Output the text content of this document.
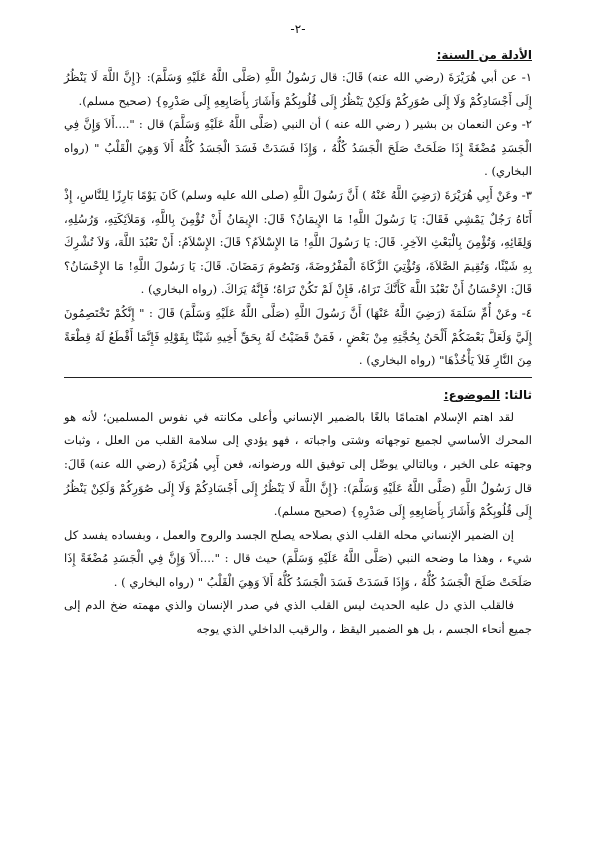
-٢-

الأدلة من السنة:

١- عن أبي هُرَيْرَةَ (رضي الله عنه) قَالَ: قال رَسُولُ اللَّهِ (صَلَّى اللَّهُ عَلَيْهِ وَسَلَّمَ): {إِنَّ اللَّهَ لَا يَنْظُرُ إِلَى أَجْسَادِكُمْ وَلَا إِلَى صُوَرِكُمْ وَلَكِنْ يَنْظُرُ إِلَى قُلُوبِكُمْ وَأَشَارَ بِأَصَابِعِهِ إِلَى صَدْرِهِ} (صحيح مسلم).

٢- وعن النعمان بن بشير ( رضي الله عنه ) أن النبي (صَلَّى اللَّهُ عَلَيْهِ وَسَلَّمَ) قال : "....أَلاَ وَإِنَّ فِي الْجَسَدِ مُضْغَةً إِذَا صَلَحَتْ صَلَحَ الْجَسَدُ كُلُّهُ ، وَإِذَا فَسَدَتْ فَسَدَ الْجَسَدُ كُلُّهُ أَلاَ وَهِيَ الْقَلْبُ " (رواه البخاري) .

٣- وعَنْ أَبِي هُرَيْرَةَ (رَضِيَ اللَّهُ عَنْهُ ) أَنَّ رَسُولَ اللَّهِ (صلى الله عليه وسلم) كَانَ يَوْمًا بَارِزًا لِلنَّاسِ، إِذْ أَتَاهُ رَجُلٌ يَمْشِي فَقَالَ: يَا رَسُولَ اللَّهِ! مَا الإِيمَانُ؟ قَالَ: الإِيمَانُ أَنْ تُؤْمِنَ بِاللَّهِ، وَمَلاَئِكَتِهِ، وَرُسُلِهِ، وَلِقَائِهِ، وَتُؤْمِنَ بِالْبَعْثِ الآخِرِ. قَالَ: يَا رَسُولَ اللَّهِ! مَا الإِسْلاَمُ؟ قَالَ: الإِسْلاَمُ: أَنْ تَعْبُدَ اللَّهَ، وَلاَ تُشْرِكَ بِهِ شَيْئًا، وَتُقِيمَ الصَّلاَةَ، وَتُؤْتِيَ الزَّكَاةَ الْمَفْرُوضَةَ، وَتَصُومَ رَمَضَانَ. قَالَ: يَا رَسُولَ اللَّهِ! مَا الإِحْسَانُ؟ قَالَ: الإِحْسَانُ أَنْ تَعْبُدَ اللَّهَ كَأَنَّكَ تَرَاهُ، فَإِنْ لَمْ تَكُنْ تَرَاهُ؛ فَإِنَّهُ يَرَاكَ. (رواه البخاري) .

٤- وعَنْ أُمِّ سَلَمَةَ (رَضِيَ اللَّهُ عَنْهَا) أَنَّ رَسُولَ اللَّهِ (صَلَّى اللَّهُ عَلَيْهِ وَسَلَّمَ) قَالَ : " إِنَّكُمْ تَخْتَصِمُونَ إِلَيَّ وَلَعَلَّ بَعْضَكُمْ أَلْحَنُ بِحُجَّتِهِ مِنْ بَعْضٍ ، فَمَنْ قَضَيْتُ لَهُ بِحَقِّ أَخِيهِ شَيْئًا بِقَوْلِهِ فَإِنَّمَا أَقْطَعُ لَهُ قِطْعَةً مِنَ النَّارِ فَلاَ يَأْخُذْهَا" (رواه البخاري) .

ثالثا: الموضوع:

لقد اهتم الإسلام اهتمامًا بالغًا بالضمير الإنساني وأعلى مكانته في نفوس المسلمين؛ لأنه هو المحرك الأساسي لجميع توجهاته وشتى واجباته ، فهو يؤدي إلى سلامة القلب من العلل ، وثبات وجهته على الخير ، وبالتالي يوصِّل إلى توفيق الله ورضوانه، فعن أَبِي هُرَيْرَةَ (رضي الله عنه) قَالَ: قال رَسُولُ اللَّهِ (صَلَّى اللَّهُ عَلَيْهِ وَسَلَّمَ): {إِنَّ اللَّهَ لَا يَنْظُرُ إِلَى أَجْسَادِكُمْ وَلَا إِلَى صُوَرِكُمْ وَلَكِنْ يَنْظُرُ إِلَى قُلُوبِكُمْ وَأَشَارَ بِأَصَابِعِهِ إِلَى صَدْرِهِ} (صحيح مسلم).

إن الضمير الإنساني محله القلب الذي بصلاحه يصلح الجسد والروح والعمل ، وبفساده يفسد كل شيء ، وهذا ما وضحه النبي (صَلَّى اللَّهُ عَلَيْهِ وَسَلَّمَ) حيث قال : "....أَلاَ وَإِنَّ فِي الْجَسَدِ مُضْغَةً إِذَا صَلَحَتْ صَلَحَ الْجَسَدُ كُلُّهُ ، وَإِذَا فَسَدَتْ فَسَدَ الْجَسَدُ كُلُّهُ أَلاَ وَهِيَ الْقَلْبُ " (رواه البخاري ) .

فالقلب الذي دل عليه الحديث ليس القلب الذي في صدر الإنسان والذي مهمته ضخ الدم إلى جميع أنحاء الجسم ، بل هو الضمير اليقظ ، والرقيب الداخلي الذي يوجه
